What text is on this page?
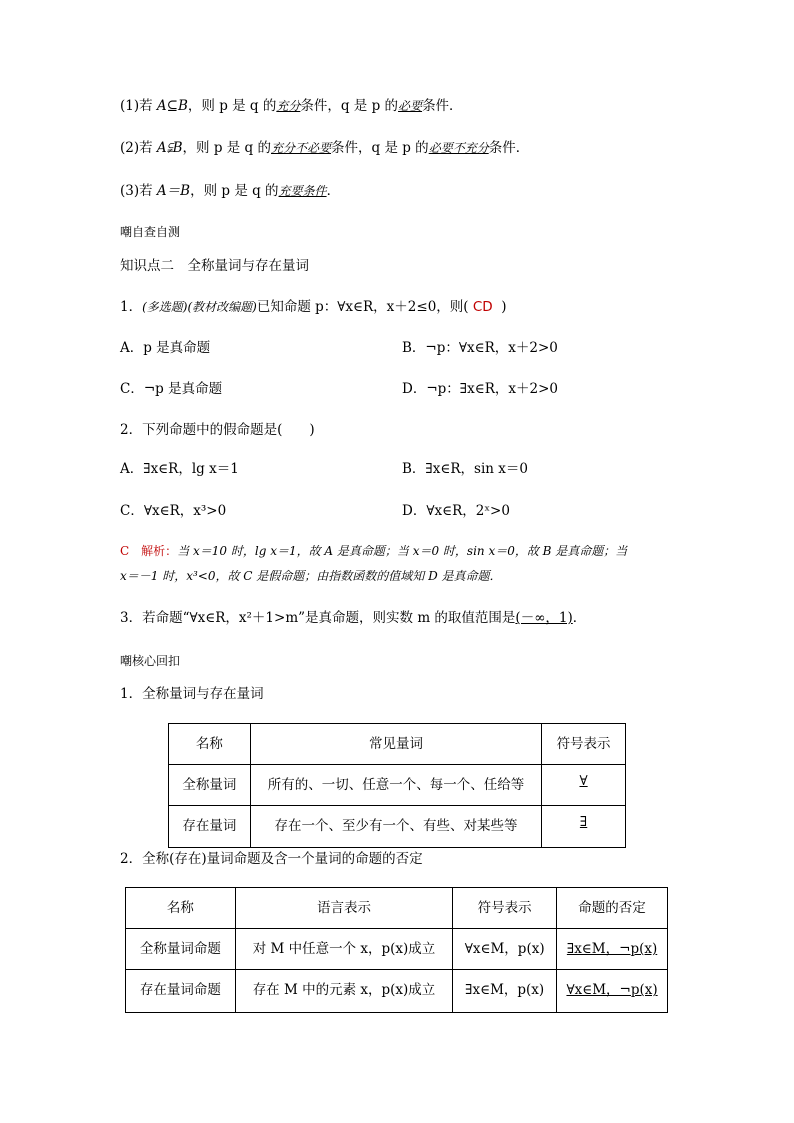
(1)若 A⊆B，则 p 是 q 的充分条件，q 是 p 的必要条件．
(2)若 A⫋B，则 p 是 q 的充分不必要条件，q 是 p 的必要不充分条件．
(3)若 A＝B，则 p 是 q 的充要条件．
嘲自查自测
知识点二　全称量词与存在量词
1．(多选题)(教材改编题)已知命题 p：∀x∈R，x＋2≤0，则( CD )
A．p 是真命题	B．¬p：∀x∈R，x＋2>0
C．¬p 是真命题	D．¬p：∃x∈R，x＋2>0
2．下列命题中的假命题是(　　)
A．∃x∈R，lg x＝1	B．∃x∈R，sin x＝0
C．∀x∈R，x³>0	D．∀x∈R，2ˣ>0
C　解析：当 x＝10 时，lg x＝1，故 A 是真命题；当 x＝0 时，sin x＝0，故 B 是真命题；当
x＝－1 时，x³<0，故 C 是假命题；由指数函数的值域知 D 是真命题．
3．若命题“∀x∈R，x²＋1>m”是真命题，则实数 m 的取值范围是(－∞，1)．
嘲核心回扣
1．全称量词与存在量词
名称	常见量词	符号表示
全称量词	所有的、一切、任意一个、每一个、任给等	∀
存在量词	存在一个、至少有一个、有些、对某些等	∃
2．全称(存在)量词命题及含一个量词的命题的否定
名称	语言表示	符号表示	命题的否定
全称量词命题	对 M 中任意一个 x，p(x)成立	∀x∈M，p(x)	∃x∈M，¬p(x)
存在量词命题	存在 M 中的元素 x，p(x)成立	∃x∈M，p(x)	∀x∈M，¬p(x)
